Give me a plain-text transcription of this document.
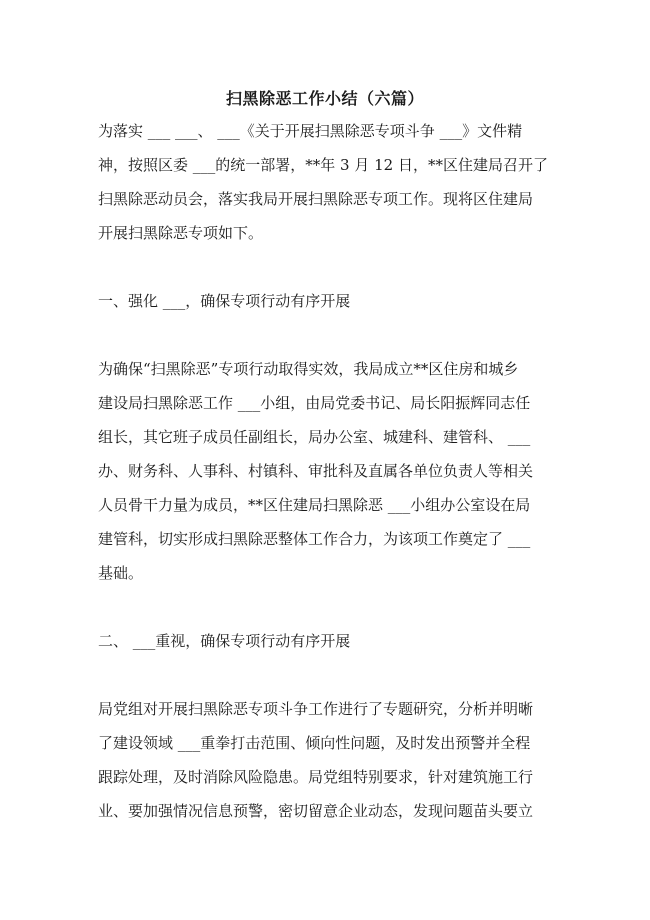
扫黑除恶工作小结（六篇）
为落实 ___ ___、 ___《关于开展扫黑除恶专项斗争 ___》文件精
神，按照区委 ___的统一部署，**年 3 月 12 日，**区住建局召开了
扫黑除恶动员会，落实我局开展扫黑除恶专项工作。现将区住建局
开展扫黑除恶专项如下。
一、强化 ___，确保专项行动有序开展
为确保“扫黑除恶”专项行动取得实效，我局成立**区住房和城乡
建设局扫黑除恶工作 ___小组，由局党委书记、局长阳振辉同志任
组长，其它班子成员任副组长，局办公室、城建科、建管科、 ___
办、财务科、人事科、村镇科、审批科及直属各单位负责人等相关
人员骨干力量为成员，**区住建局扫黑除恶 ___小组办公室设在局
建管科，切实形成扫黑除恶整体工作合力，为该项工作奠定了 ___
基础。
二、 ___重视，确保专项行动有序开展
局党组对开展扫黑除恶专项斗争工作进行了专题研究，分析并明晰
了建设领域 ___重拳打击范围、倾向性问题，及时发出预警并全程
跟踪处理，及时消除风险隐患。局党组特别要求，针对建筑施工行
业、要加强情况信息预警，密切留意企业动态，发现问题苗头要立
